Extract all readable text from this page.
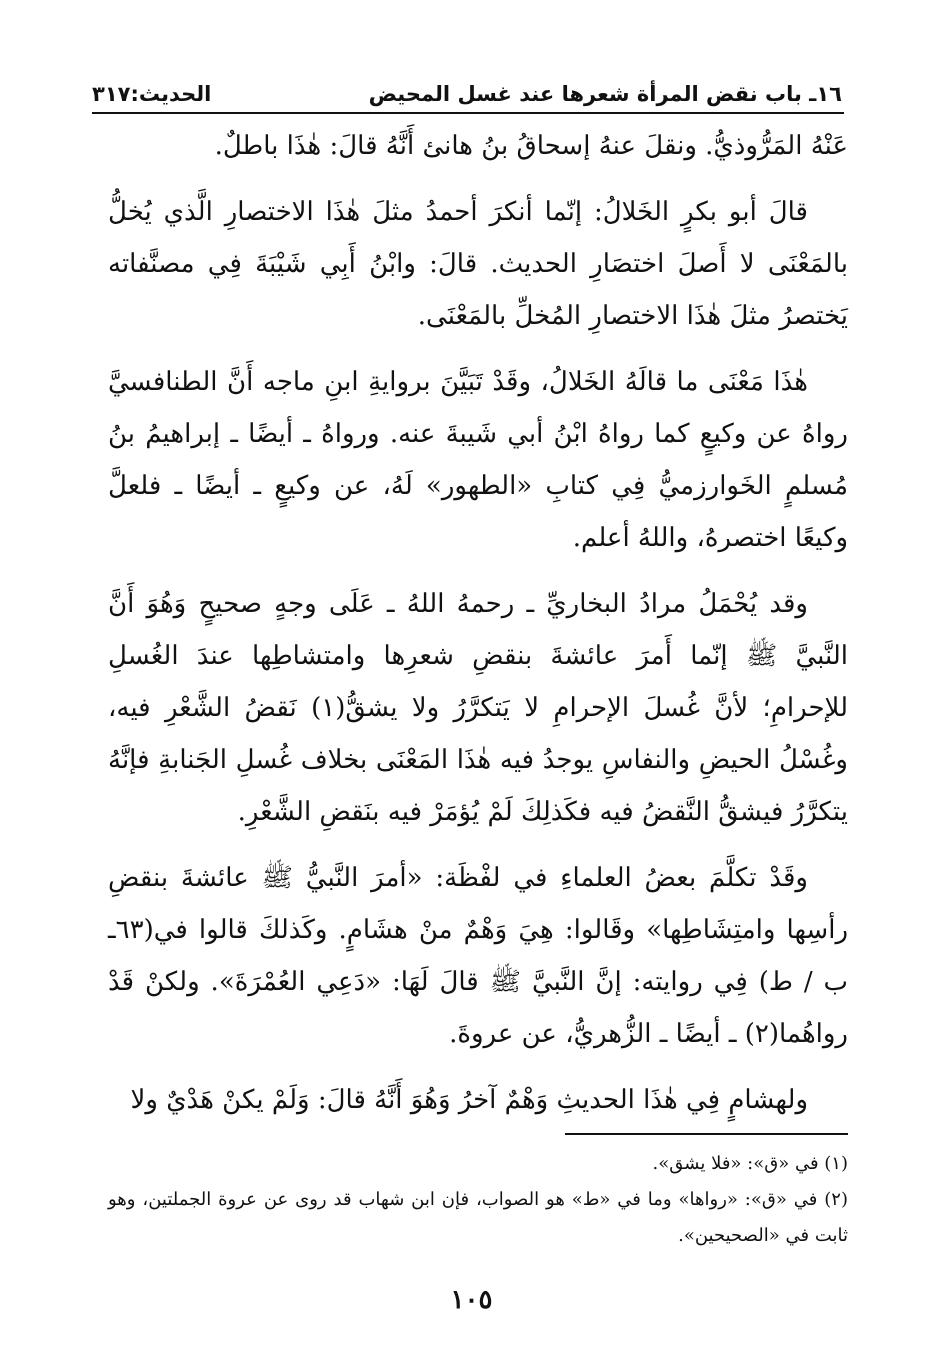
١٦ـ باب نقض المرأة شعرها عند غسل المحيض
الحديث:٣١٧

عَنْهُ المَرُّوذيُّ. ونقلَ عنهُ إسحاقُ بنُ هانئ أَنَّهُ قالَ: هٰذَا باطلٌ.

قالَ أبو بكرٍ الخَلالُ: إنّما أنكرَ أحمدُ مثلَ هٰذَا الاختصارِ الَّذي يُخلُّ بالمَعْنَى لا أَصلَ اختصَارِ الحديث. قالَ: وابْنُ أَبِي شَيْبَةَ فِي مصنَّفاته يَختصرُ مثلَ هٰذَا الاختصارِ المُخلِّ بالمَعْنَى.

هٰذَا مَعْنَى ما قالَهُ الخَلالُ، وقَدْ تَبَيَّنَ بروايةِ ابنِ ماجه أَنَّ الطنافسيَّ رواهُ عن وكيعٍ كما رواهُ ابْنُ أبي شَيبةَ عنه. ورواهُ ـ أيضًا ـ إبراهيمُ بنُ مُسلمٍ الخَوارزميُّ فِي كتابِ «الطهور» لَهُ، عن وكيعٍ ـ أيضًا ـ فلعلَّ وكيعًا اختصرهُ، واللهُ أعلم.

وقد يُحْمَلُ مرادُ البخاريِّ ـ رحمهُ اللهُ ـ عَلَى وجهٍ صحيحٍ وَهُوَ أَنَّ النَّبيَّ ﷺ إنّما أَمرَ عائشةَ بنقضِ شعرِها وامتشاطِها عندَ الغُسلِ للإحرامِ؛ لأنَّ غُسلَ الإحرامِ لا يَتكرَّرُ ولا يشقُّ(١) نَقضُ الشَّعْرِ فيه، وغُسْلُ الحيضِ والنفاسِ يوجدُ فيه هٰذَا المَعْنَى بخلاف غُسلِ الجَنابةِ فإنَّهُ يتكرَّرُ فيشقُّ النَّقضُ فيه فكَذلِكَ لَمْ يُؤمَرْ فيه بنَقضِ الشَّعْرِ.

وقَدْ تكلَّمَ بعضُ العلماءِ في لفْظَة: «أمرَ النَّبيُّ ﷺ عائشةَ بنقضِ رأسِها وامتِشَاطِها» وقَالوا: هِيَ وَهْمٌ منْ هشَامٍ. وكَذلكَ قالوا في(٦٣ـ ب / ط) فِي روايته: إنَّ النَّبيَّ ﷺ قالَ لَهَا: «دَعِي العُمْرَةَ». ولكنْ قَدْ رواهُما(٢) ـ أيضًا ـ الزُّهريُّ، عن عروةَ.

ولهشامٍ فِي هٰذَا الحديثِ وَهْمٌ آخرُ وَهُوَ أَنَّهُ قالَ: وَلَمْ يكنْ هَدْيٌ ولا

(١) في «ق»: «فلا يشق».

(٢) في «ق»: «رواها» وما في «ط» هو الصواب، فإن ابن شهاب قد روى عن عروة الجملتين، وهو ثابت في «الصحيحين».

١٠٥
